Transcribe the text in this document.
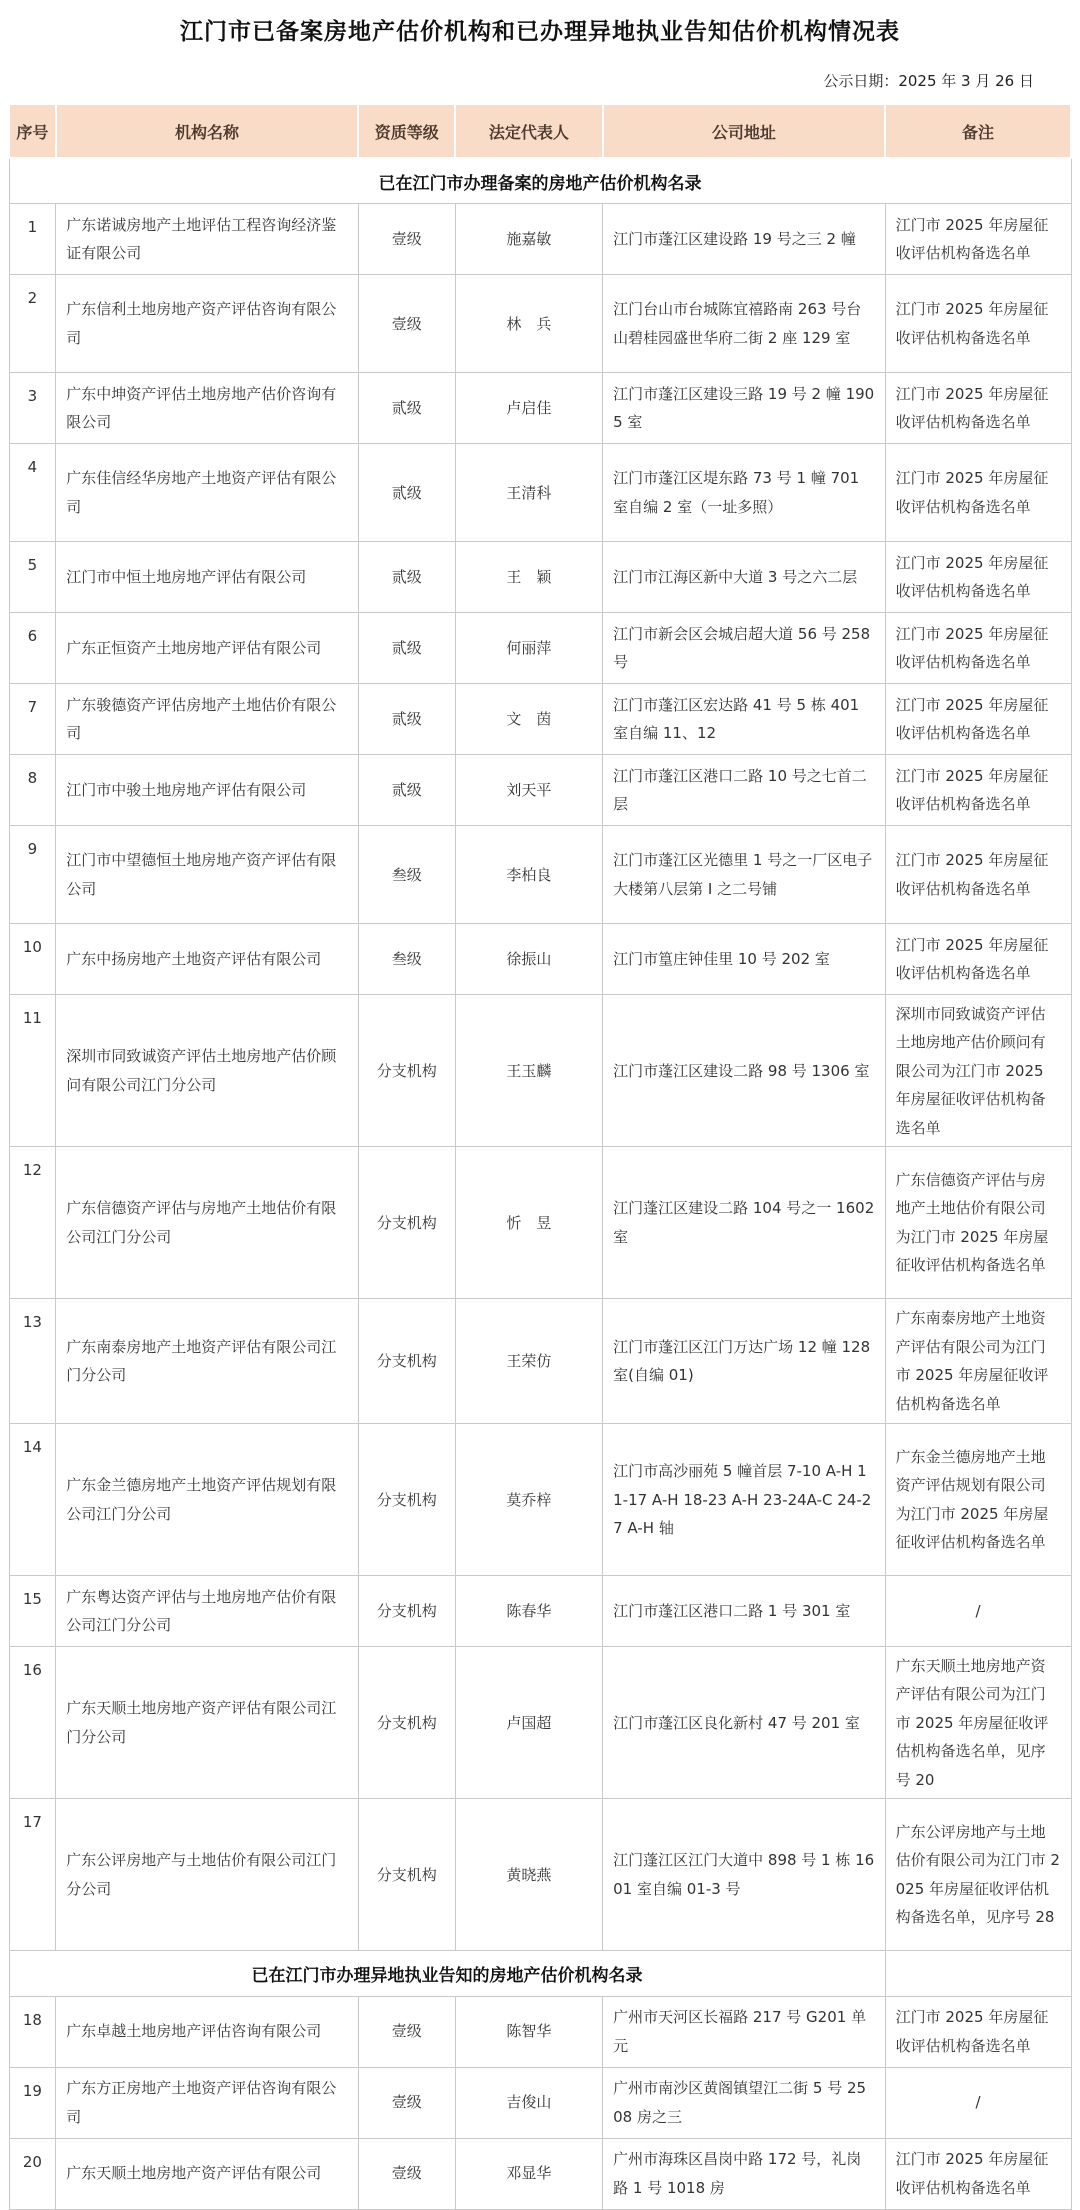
江门市已备案房地产估价机构和已办理异地执业告知估价机构情况表
公示日期：2025 年 3 月 26 日
序号	机构名称	资质等级	法定代表人	公司地址	备注
已在江门市办理备案的房地产估价机构名录					
1	广东诺诚房地产土地评估工程咨询经济鉴证有限公司	壹级	施嘉敏	江门市蓬江区建设路 19 号之三 2 幢	江门市 2025 年房屋征收评估机构备选名单
2	广东信利土地房地产资产评估咨询有限公司	壹级	林　兵	江门台山市台城陈宜禧路南 263 号台山碧桂园盛世华府二街 2 座 129 室	江门市 2025 年房屋征收评估机构备选名单
3	广东中坤资产评估土地房地产估价咨询有限公司	贰级	卢启佳	江门市蓬江区建设三路 19 号 2 幢 1905 室	江门市 2025 年房屋征收评估机构备选名单
4	广东佳信经华房地产土地资产评估有限公司	贰级	王清科	江门市蓬江区堤东路 73 号 1 幢 701 室自编 2 室（一址多照）	江门市 2025 年房屋征收评估机构备选名单
5	江门市中恒土地房地产评估有限公司	贰级	王　颖	江门市江海区新中大道 3 号之六二层	江门市 2025 年房屋征收评估机构备选名单
6	广东正恒资产土地房地产评估有限公司	贰级	何丽萍	江门市新会区会城启超大道 56 号 258 号	江门市 2025 年房屋征收评估机构备选名单
7	广东骏德资产评估房地产土地估价有限公司	贰级	文　茵	江门市蓬江区宏达路 41 号 5 栋 401 室自编 11、12	江门市 2025 年房屋征收评估机构备选名单
8	江门市中骏土地房地产评估有限公司	贰级	刘天平	江门市蓬江区港口二路 10 号之七首二层	江门市 2025 年房屋征收评估机构备选名单
9	江门市中望德恒土地房地产资产评估有限公司	叁级	李柏良	江门市蓬江区光德里 1 号之一厂区电子大楼第八层第 I 之二号铺	江门市 2025 年房屋征收评估机构备选名单
10	广东中扬房地产土地资产评估有限公司	叁级	徐振山	江门市篁庄钟佳里 10 号 202 室	江门市 2025 年房屋征收评估机构备选名单
11	深圳市同致诚资产评估土地房地产估价顾问有限公司江门分公司	分支机构	王玉麟	江门市蓬江区建设二路 98 号 1306 室	深圳市同致诚资产评估土地房地产估价顾问有限公司为江门市 2025 年房屋征收评估机构备选名单
12	广东信德资产评估与房地产土地估价有限公司江门分公司	分支机构	忻　昱	江门蓬江区建设二路 104 号之一 1602 室	广东信德资产评估与房地产土地估价有限公司为江门市 2025 年房屋征收评估机构备选名单
13	广东南泰房地产土地资产评估有限公司江门分公司	分支机构	王荣仿	江门市蓬江区江门万达广场 12 幢 128 室(自编 01)	广东南泰房地产土地资产评估有限公司为江门市 2025 年房屋征收评估机构备选名单
14	广东金兰德房地产土地资产评估规划有限公司江门分公司	分支机构	莫乔梓	江门市高沙丽苑 5 幢首层 7-10 A-H 11-17 A-H 18-23 A-H 23-24A-C 24-27 A-H 轴	广东金兰德房地产土地资产评估规划有限公司为江门市 2025 年房屋征收评估机构备选名单
15	广东粤达资产评估与土地房地产估价有限公司江门分公司	分支机构	陈春华	江门市蓬江区港口二路 1 号 301 室	/
16	广东天顺土地房地产资产评估有限公司江门分公司	分支机构	卢国超	江门市蓬江区良化新村 47 号 201 室	广东天顺土地房地产资产评估有限公司为江门市 2025 年房屋征收评估机构备选名单，见序号 20
17	广东公评房地产与土地估价有限公司江门分公司	分支机构	黄晓燕	江门蓬江区江门大道中 898 号 1 栋 1601 室自编 01-3 号	广东公评房地产与土地估价有限公司为江门市 2025 年房屋征收评估机构备选名单，见序号 28
已在江门市办理异地执业告知的房地产估价机构名录					
18	广东卓越土地房地产评估咨询有限公司	壹级	陈智华	广州市天河区长福路 217 号 G201 单元	江门市 2025 年房屋征收评估机构备选名单
19	广东方正房地产土地资产评估咨询有限公司	壹级	吉俊山	广州市南沙区黄阁镇望江二街 5 号 2508 房之三	/
20	广东天顺土地房地产资产评估有限公司	壹级	邓显华	广州市海珠区昌岗中路 172 号，礼岗路 1 号 1018 房	江门市 2025 年房屋征收评估机构备选名单
